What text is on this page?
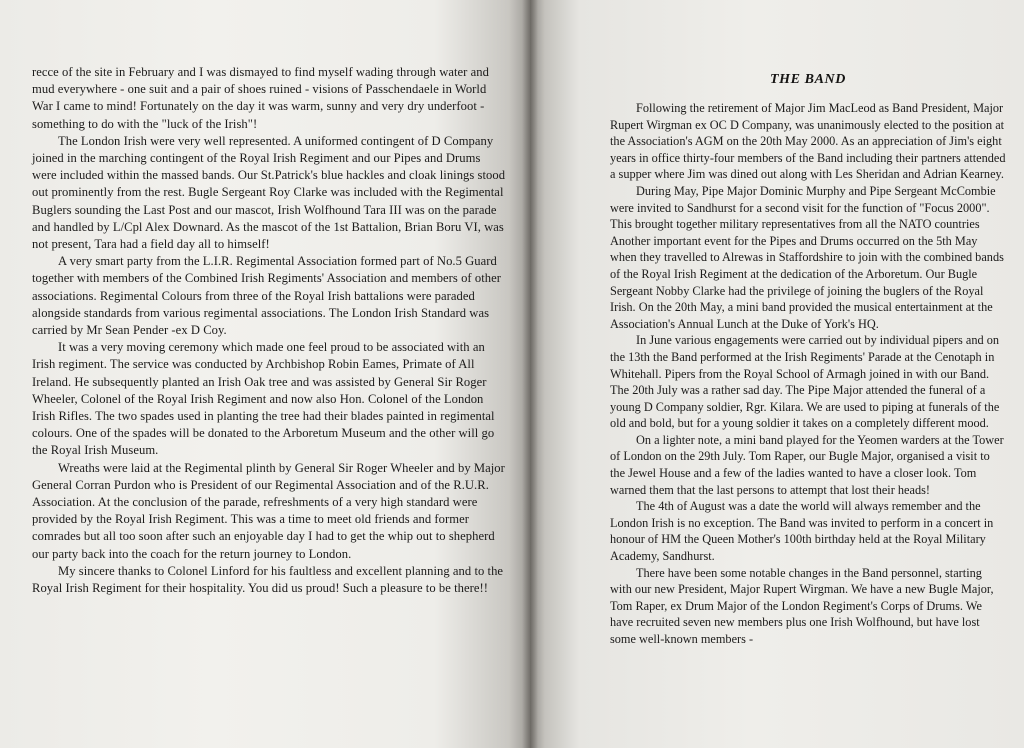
recce of the site in February and I was dismayed to find myself wading through water and mud everywhere - one suit and a pair of shoes ruined - visions of Passchendaele in World War I came to mind! Fortunately on the day it was warm, sunny and very dry underfoot - something to do with the "luck of the Irish"!

The London Irish were very well represented. A uniformed contingent of D Company joined in the marching contingent of the Royal Irish Regiment and our Pipes and Drums were included within the massed bands. Our St.Patrick's blue hackles and cloak linings stood out prominently from the rest. Bugle Sergeant Roy Clarke was included with the Regimental Buglers sounding the Last Post and our mascot, Irish Wolfhound Tara III was on the parade and handled by L/Cpl Alex Downard. As the mascot of the 1st Battalion, Brian Boru VI, was not present, Tara had a field day all to himself!

A very smart party from the L.I.R. Regimental Association formed part of No.5 Guard together with members of the Combined Irish Regiments' Association and members of other associations. Regimental Colours from three of the Royal Irish battalions were paraded alongside standards from various regimental associations. The London Irish Standard was carried by Mr Sean Pender -ex D Coy.

It was a very moving ceremony which made one feel proud to be associated with an Irish regiment. The service was conducted by Archbishop Robin Eames, Primate of All Ireland. He subsequently planted an Irish Oak tree and was assisted by General Sir Roger Wheeler, Colonel of the Royal Irish Regiment and now also Hon. Colonel of the London Irish Rifles. The two spades used in planting the tree had their blades painted in regimental colours. One of the spades will be donated to the Arboretum Museum and the other will go the Royal Irish Museum.

Wreaths were laid at the Regimental plinth by General Sir Roger Wheeler and by Major General Corran Purdon who is President of our Regimental Association and of the R.U.R. Association. At the conclusion of the parade, refreshments of a very high standard were provided by the Royal Irish Regiment. This was a time to meet old friends and former comrades but all too soon after such an enjoyable day I had to get the whip out to shepherd our party back into the coach for the return journey to London.

My sincere thanks to Colonel Linford for his faultless and excellent planning and to the Royal Irish Regiment for their hospitality. You did us proud! Such a pleasure to be there!!

THE BAND

Following the retirement of Major Jim MacLeod as Band President, Major Rupert Wirgman ex OC D Company, was unanimously elected to the position at the Association's AGM on the 20th May 2000. As an appreciation of Jim's eight years in office thirty-four members of the Band including their partners attended a supper where Jim was dined out along with Les Sheridan and Adrian Kearney.

During May, Pipe Major Dominic Murphy and Pipe Sergeant McCombie were invited to Sandhurst for a second visit for the function of "Focus 2000". This brought together military representatives from all the NATO countries Another important event for the Pipes and Drums occurred on the 5th May when they travelled to Alrewas in Staffordshire to join with the combined bands of the Royal Irish Regiment at the dedication of the Arboretum. Our Bugle Sergeant Nobby Clarke had the privilege of joining the buglers of the Royal Irish. On the 20th May, a mini band provided the musical entertainment at the Association's Annual Lunch at the Duke of York's HQ.

In June various engagements were carried out by individual pipers and on the 13th the Band performed at the Irish Regiments' Parade at the Cenotaph in Whitehall. Pipers from the Royal School of Armagh joined in with our Band. The 20th July was a rather sad day. The Pipe Major attended the funeral of a young D Company soldier, Rgr. Kilara. We are used to piping at funerals of the old and bold, but for a young soldier it takes on a completely different mood.

On a lighter note, a mini band played for the Yeomen warders at the Tower of London on the 29th July. Tom Raper, our Bugle Major, organised a visit to the Jewel House and a few of the ladies wanted to have a closer look. Tom warned them that the last persons to attempt that lost their heads!

The 4th of August was a date the world will always remember and the London Irish is no exception. The Band was invited to perform in a concert in honour of HM the Queen Mother's 100th birthday held at the Royal Military Academy, Sandhurst.

There have been some notable changes in the Band personnel, starting with our new President, Major Rupert Wirgman. We have a new Bugle Major, Tom Raper, ex Drum Major of the London Regiment's Corps of Drums. We have recruited seven new members plus one Irish Wolfhound, but have lost some well-known members -
